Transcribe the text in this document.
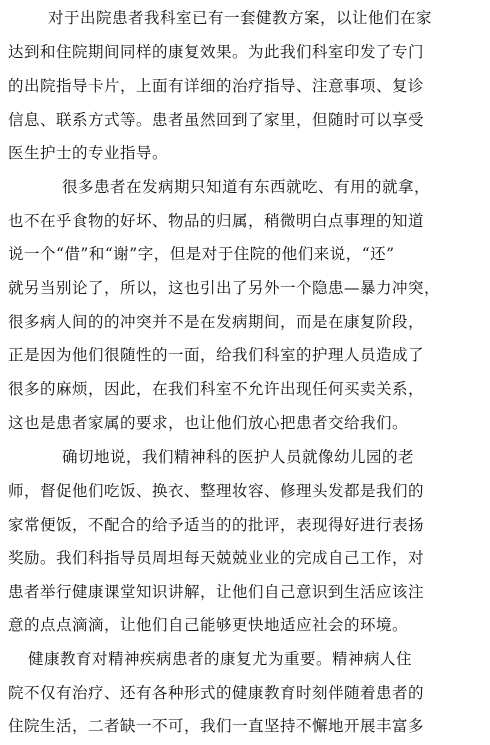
对于出院患者我科室已有一套健教方案，以让他们在家
达到和住院期间同样的康复效果。为此我们科室印发了专门
的出院指导卡片，上面有详细的治疗指导、注意事项、复诊
信息、联系方式等。患者虽然回到了家里，但随时可以享受
医生护士的专业指导。
很多患者在发病期只知道有东西就吃、有用的就拿，
也不在乎食物的好坏、物品的归属，稍微明白点事理的知道
说一个“借”和“谢”字，但是对于住院的他们来说，“还”
就另当别论了，所以，这也引出了另外一个隐患—暴力冲突，
很多病人间的的冲突并不是在发病期间，而是在康复阶段，
正是因为他们很随性的一面，给我们科室的护理人员造成了
很多的麻烦，因此，在我们科室不允许出现任何买卖关系，
这也是患者家属的要求，也让他们放心把患者交给我们。
确切地说，我们精神科的医护人员就像幼儿园的老
师，督促他们吃饭、换衣、整理妆容、修理头发都是我们的
家常便饭，不配合的给予适当的的批评，表现得好进行表扬
奖励。我们科指导员周坦每天兢兢业业的完成自己工作，对
患者举行健康课堂知识讲解，让他们自己意识到生活应该注
意的点点滴滴，让他们自己能够更快地适应社会的环境。
健康教育对精神疾病患者的康复尤为重要。精神病人住
院不仅有治疗、还有各种形式的健康教育时刻伴随着患者的
住院生活，二者缺一不可，我们一直坚持不懈地开展丰富多
